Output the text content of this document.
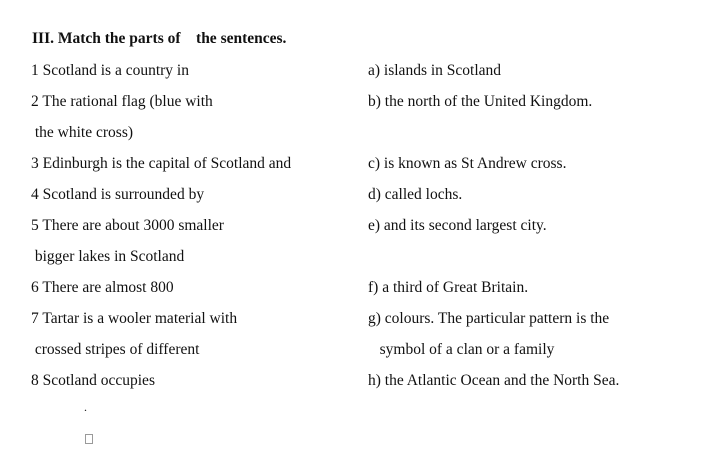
III. Match the parts of    the sentences.
1 Scotland is a country in
2 The rational flag (blue with
the white cross)
3 Edinburgh is the capital of Scotland and
4 Scotland is surrounded by
5 There are about 3000 smaller
bigger lakes in Scotland
6 There are almost 800
7 Tartar is a wooler material with
crossed stripes of different
8 Scotland occupies
a) islands in Scotland
b) the north of the United Kingdom.
c) is known as St Andrew cross.
d) called lochs.
e) and its second largest city.
f) a third of Great Britain.
g) colours. The particular pattern is the
symbol of a clan or a family
h) the Atlantic Ocean and the North Sea.
.
